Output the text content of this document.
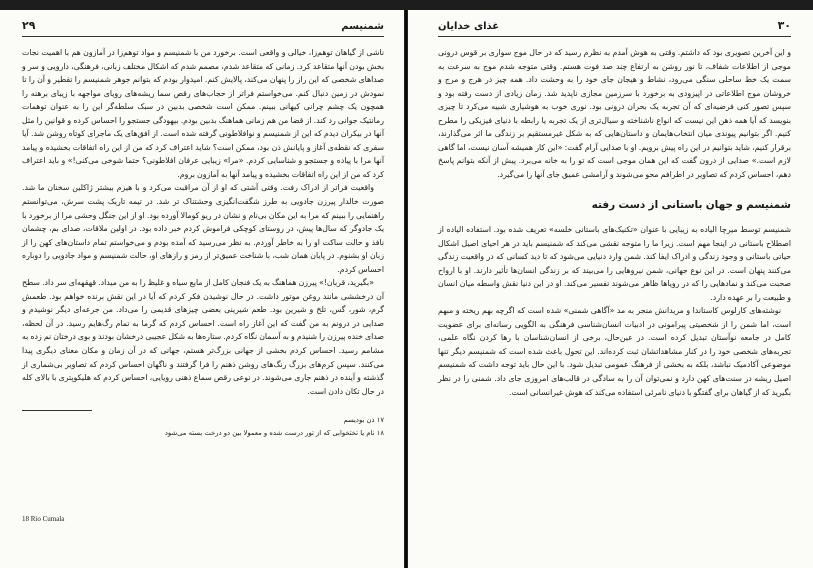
شمنیسم
۲۹

ناشی از گیاهان توهم‌زا، خیالی و واقعی است. برخورد من با شمنیسم و مواد توهم‌زا در آمازون هم با اهمیت نجات بخش بودن آنها متقاعد کرد. زمانی که متقاعد شدم، مصمم شدم که اشکال مختلف زبانی، فرهنگی، دارویی و سر و صداهای شخصی که این راز را پنهان می‌کند، پالایش کنم. امیدوار بودم که بتوانم جوهر شمنیسم را تقطیر و آن را تا نمودش در زمین دنبال کنم. می‌خواستم فراتر از حجاب‌های رقص سما ریشه‌های رویای مواجهه با زیبای برهنه را همچون یک چشم چرانی کیهانی ببینم. ممکن است شخصی بدبین در سبک سلطه‌گر این را به عنوان توهمات رمانتیک جوانی رد کند. از قضا من هم زمانی هماهنگ بدبین بودم. بیهودگی جستجو را احساس کرده و قوانین را مثل آنها در بیکران دیدم که این از شمنیسم و نوافلاطونی گرفته شده است. از افق‌های یک ماجرای کوتاه روشن شد. آیا سفری که نقطه‌ی آغاز و پایانش ذن بود، ممکن است؟ شاید اعتراف کرد که من از این راه اتفاقات بخشیده و پیامد آنها مرا با پیاده و جستجو و شناسایی کردم. «مرا» زیبایی عرفان افلاطونی؟ حتما شوخی می‌کنی!» و باید اعتراف کرد که من از این راه اتفاقات بخشیده و پیامد آنها به آمازون بروم.

واقعیت فراتر از ادراک رفت. وقتی آشتی که او از آن مراقبت می‌کرد و با هیزم بیشتر ژاکلین سخنان ما شد. صورت خالدار پیرزن جادویی به طرز شگفت‌انگیزی وحشتناک تر شد. در تیمه تاریک پشت سرش، می‌توانستم راهنمایی را ببینم که مرا به این مکان بی‌نام و نشان در ریو کومالا آورده بود. او از این جنگل وحشی مرا از برخورد با یک جادوگر که سال‌ها پیش، در روستای کوچکی فراموش کردم خبر داده بود. در اولین ملاقات، صدای بم، چشمان نافذ و حالت ساکت او را به خاطر آوردم. به نظر می‌رسید که آمده بودم و می‌خواستم تمام داستان‌های کهن را از زبان او بشنوم. در پایان همان شب، با شناخت عمیق‌تر از رمز و رازهای او، حالت شمنیسم و مواد جادویی را دوباره احساس کردم.

«بگیرید، قربان!» پیرزن هماهنگ به یک فنجان کامل از مایع سیاه و غلیظ را به من میداد. قهقهه‌ای سر داد. سطح آن درخششی مانند روغن موتور داشت. در حال نوشیدن فکر کردم که آیا در این نقش برنده خواهم بود. طعمش گرم، شور، گس، تلخ و شیرین بود. طعم شیرینی بعضی چیزهای قدیمی را می‌داد. من جرعه‌ای دیگر نوشیدم و صدایی در درونم به من گفت که این آغاز راه است. احساس کردم که گرما به تمام رگ‌هایم رسید. در آن لحظه، صدای خنده پیرزن را شنیدم و به آسمان نگاه کردم. ستاره‌ها به شکل عجیبی درخشان بودند و بوی درختان نم زده به مشامم رسید. احساس کردم بخشی از جهانی بزرگ‌تر هستم، جهانی که در آن زمان و مکان معنای دیگری پیدا می‌کنند. سپس کرم‌های بزرگ رنگ‌های روشن ذهنم را فرا گرفتند و ناگهان احساس کردم که تصاویر بی‌شماری از گذشته و آینده در ذهنم جاری می‌شوند. در نوعی رقص سماع ذهنی رویایی، احساس کردم که هلیکوپتری با بالای کله در حال تکان دادن است.

۱۷ ذن بودیسم

۱۸ نام یا تختخوابی که از تور درست شده و معمولا بین دو درخت بسته می‌شود

18 Rio Cumala
۳۰
غذای خدایان

و این آخرین تصویری بود که داشتم. وقتی به هوش آمدم به نظرم رسید که در حال موج سواری بر قوس درونی موجی از اطلاعات شفاف، تا نور روشن به ارتفاع چند صد فوت هستم. وقتی متوجه شدم موج به سرعت به سمت یک خط ساحلی سنگی می‌رود، نشاط و هیجان جای خود را به وحشت داد. همه چیز در هرج و مرج و خروشان موج اطلاعاتی در اپیزودی به برخورد با سرزمین مجازی ناپدید شد. زمان زیادی از دست رفته بود و سپس تصور کنی فرضیه‌ای که آن تجربه یک بحران درونی بود. نوری خوب به هوشیاری شبیه می‌کرد تا چیزی بنویسد که آیا همه ذهن این نیست که انواع ناشناخته و سیال‌تری از یک تجربه یا رابطه با دنیای فیزیکی را مطرح کنیم. اگر بتوانیم پیوندی میان انتخاب‌هایمان و داستان‌هایی که به شکل غیرمستقیم بر زندگی ما اثر می‌گذارند، برقرار کنیم، شاید بتوانیم در این راه پیش برویم. او با صدایی آرام گفت: «این کار همیشه آسان نیست، اما گاهی لازم است.» صدایی از درون گفت که این همان موجی است که تو را به خانه می‌برد. پیش از آنکه بتوانم پاسخ دهم، احساس کردم که تصاویر در اطرافم محو می‌شوند و آرامشی عمیق جای آنها را می‌گیرد.

شمنیسم و جهان باستانی از دست رفته

شمنیسم توسط میرچا الیاده به زیبایی با عنوان «تکنیک‌های باستانی خلسه» تعریف شده بود. استفاده الیاده از اصطلاح باستانی در اینجا مهم است. زیرا ما را متوجه نقشی می‌کند که شمنیسم باید در هر احیای اصیل اشکال حیاتی باستانی و وجود زندگی و ادراک ایفا کند. شمن وارد دنیایی می‌شود که تا دید کسانی که در واقعیت زندگی می‌کنند پنهان است. در این نوع جهانی، شمن نیروهایی را می‌بیند که بر زندگی انسان‌ها تأثیر دارند. او با ارواح صحبت می‌کند و نمادهایی را که در رویاها ظاهر می‌شوند تفسیر می‌کند. او در این دنیا نقش واسطه میان انسان و طبیعت را بر عهده دارد.

نوشته‌های کارلوس کاستاندا و مریدانش منجر به مد «آگاهی شمنی» شده است که اگرچه بهم ریخته و مبهم است، اما شمن را از شخصیتی پیرامونی در ادبیات انسان‌شناسی فرهنگی به الگویی رسانه‌ای برای عضویت کامل در جامعه نوآستان تبدیل کرده است. در عین‌حال، برخی از انسان‌شناسان با رها کردن نگاه علمی، تجربه‌های شخصی خود را در کنار مشاهداتشان ثبت کرده‌اند. این تحول باعث شده است که شمنیسم دیگر تنها موضوعی آکادمیک نباشد، بلکه به بخشی از فرهنگ عمومی تبدیل شود. با این حال باید توجه داشت که شمنیسم اصیل ریشه در سنت‌های کهن دارد و نمی‌توان آن را به سادگی در قالب‌های امروزی جای داد. شمنی را در نظر بگیرید که از گیاهان برای گفتگو با دنیای نامرئی استفاده می‌کند که هوش غیرانسانی است.
